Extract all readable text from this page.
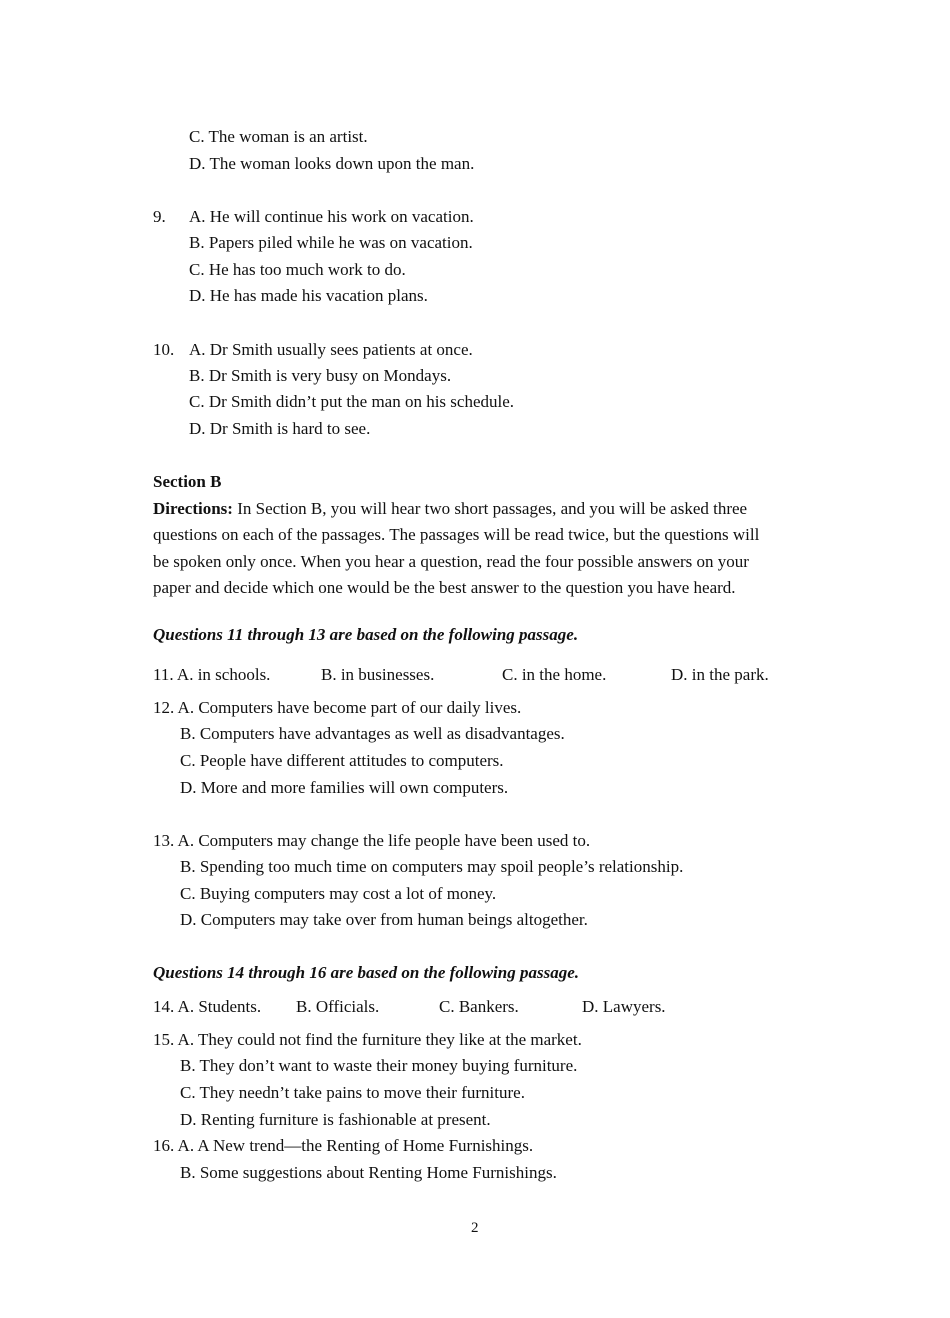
C. The woman is an artist.
D. The woman looks down upon the man.
9. A. He will continue his work on vacation.
B. Papers piled while he was on vacation.
C. He has too much work to do.
D. He has made his vacation plans.
10. A. Dr Smith usually sees patients at once.
B. Dr Smith is very busy on Mondays.
C. Dr Smith didn’t put the man on his schedule.
D. Dr Smith is hard to see.
Section B
Directions: In Section B, you will hear two short passages, and you will be asked three
questions on each of the passages. The passages will be read twice, but the questions will
be spoken only once. When you hear a question, read the four possible answers on your
paper and decide which one would be the best answer to the question you have heard.
Questions 11 through 13 are based on the following passage.
11. A. in schools.	B. in businesses.	C. in the home.	D. in the park.
12. A. Computers have become part of our daily lives.
B. Computers have advantages as well as disadvantages.
C. People have different attitudes to computers.
D. More and more families will own computers.
13. A. Computers may change the life people have been used to.
B. Spending too much time on computers may spoil people’s relationship.
C. Buying computers may cost a lot of money.
D. Computers may take over from human beings altogether.
Questions 14 through 16 are based on the following passage.
14. A. Students. B. Officials.	C. Bankers.	D. Lawyers.
15. A. They could not find the furniture they like at the market.
B. They don’t want to waste their money buying furniture.
C. They needn’t take pains to move their furniture.
D. Renting furniture is fashionable at present.
16. A. A New trend—the Renting of Home Furnishings.
B. Some suggestions about Renting Home Furnishings.
2
